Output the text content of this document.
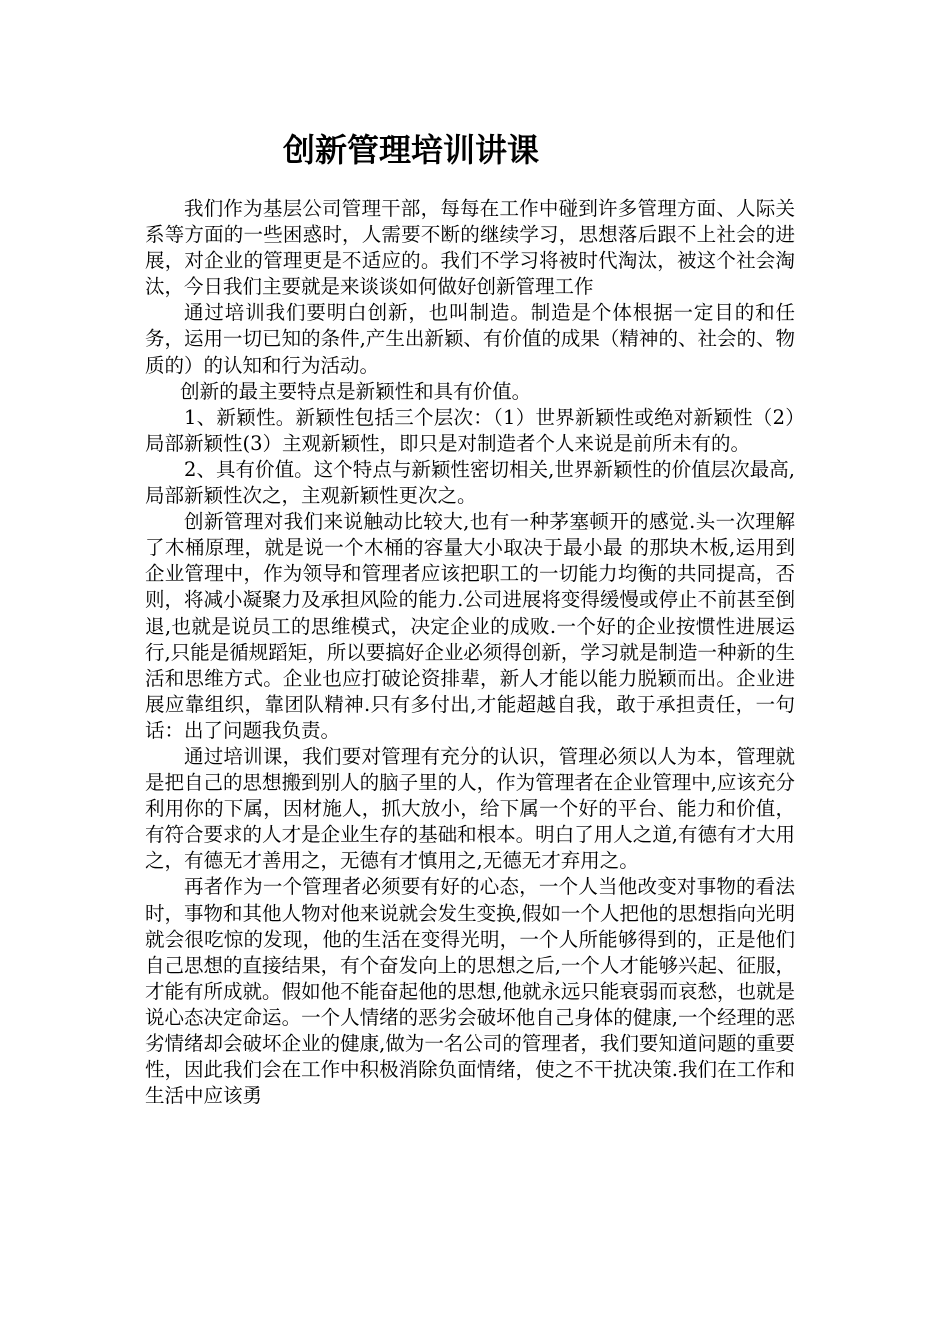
创新管理培训讲课

我们作为基层公司管理干部，每每在工作中碰到许多管理方面、人际关系等方面的一些困惑时，人需要不断的继续学习，思想落后跟不上社会的进展，对企业的管理更是不适应的。我们不学习将被时代淘汰，被这个社会淘汰，今日我们主要就是来谈谈如何做好创新管理工作

通过培训我们要明白创新，也叫制造。制造是个体根据一定目的和任务，运用一切已知的条件,产生出新颖、有价值的成果（精神的、社会的、物质的）的认知和行为活动。

创新的最主要特点是新颖性和具有价值。

1、新颖性。新颖性包括三个层次：（1）世界新颖性或绝对新颖性（2）局部新颖性(3）主观新颖性，即只是对制造者个人来说是前所未有的。

2、具有价值。这个特点与新颖性密切相关,世界新颖性的价值层次最高,局部新颖性次之，主观新颖性更次之。

创新管理对我们来说触动比较大,也有一种茅塞顿开的感觉.头一次理解了木桶原理，就是说一个木桶的容量大小取决于最小最 的那块木板,运用到企业管理中，作为领导和管理者应该把职工的一切能力均衡的共同提高，否则，将减小凝聚力及承担风险的能力.公司进展将变得缓慢或停止不前甚至倒退,也就是说员工的思维模式，决定企业的成败.一个好的企业按惯性进展运行,只能是循规蹈矩，所以要搞好企业必须得创新，学习就是制造一种新的生活和思维方式。企业也应打破论资排辈，新人才能以能力脱颖而出。企业进展应靠组织，靠团队精神.只有多付出,才能超越自我，敢于承担责任，一句话：出了问题我负责。

通过培训课，我们要对管理有充分的认识，管理必须以人为本，管理就是把自己的思想搬到别人的脑子里的人，作为管理者在企业管理中,应该充分利用你的下属，因材施人，抓大放小，给下属一个好的平台、能力和价值，有符合要求的人才是企业生存的基础和根本。明白了用人之道,有德有才大用之，有德无才善用之，无德有才慎用之,无德无才弃用之。

再者作为一个管理者必须要有好的心态，一个人当他改变对事物的看法时，事物和其他人物对他来说就会发生变换,假如一个人把他的思想指向光明就会很吃惊的发现，他的生活在变得光明，一个人所能够得到的，正是他们自己思想的直接结果，有个奋发向上的思想之后,一个人才能够兴起、征服，才能有所成就。假如他不能奋起他的思想,他就永远只能衰弱而哀愁，也就是说心态决定命运。一个人情绪的恶劣会破坏他自己身体的健康,一个经理的恶劣情绪却会破坏企业的健康,做为一名公司的管理者，我们要知道问题的重要性，因此我们会在工作中积极消除负面情绪，使之不干扰决策.我们在工作和生活中应该勇
